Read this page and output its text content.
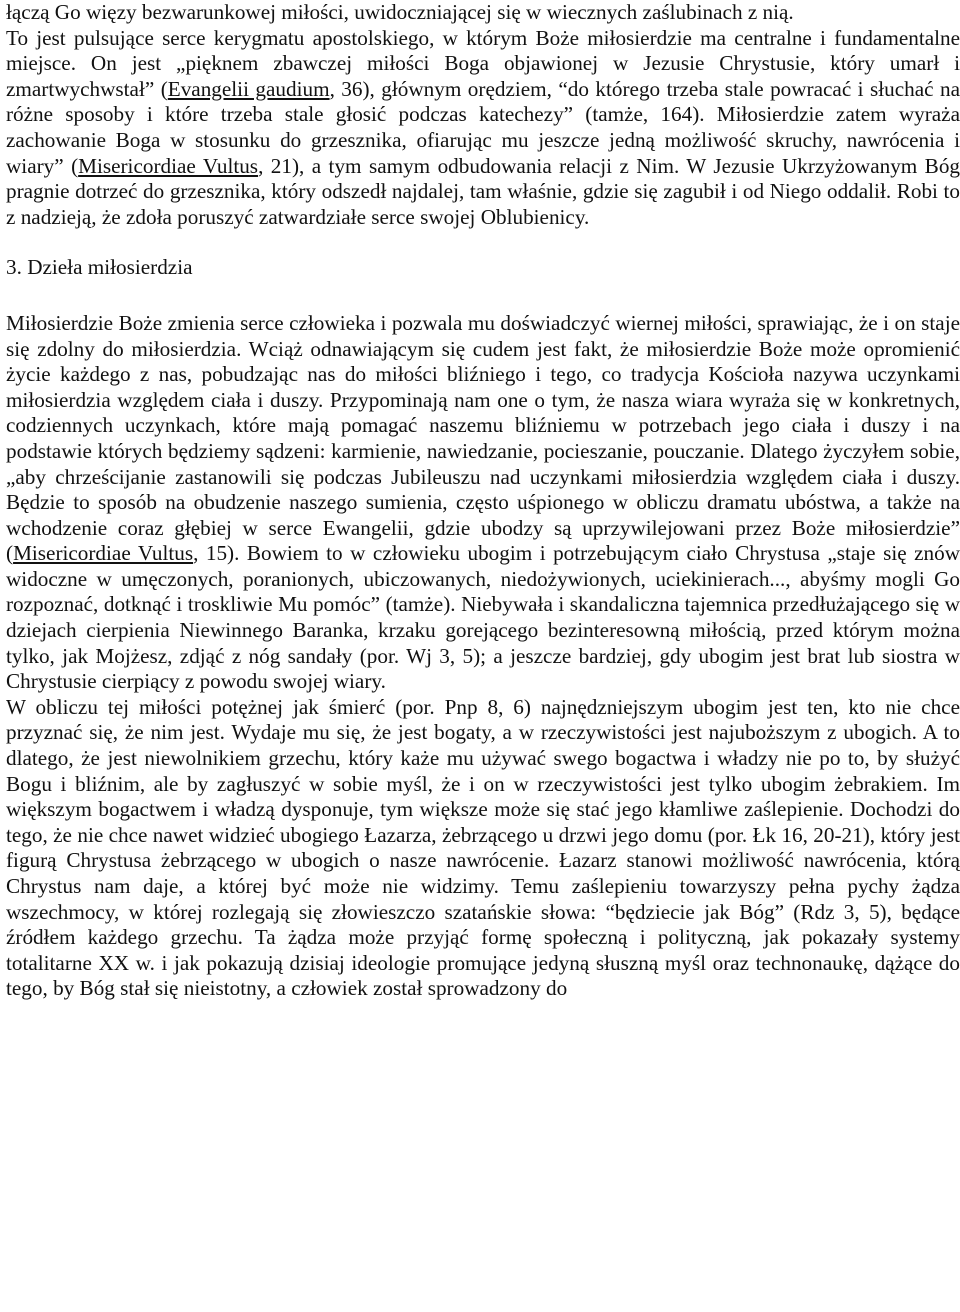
łączą Go więzy bezwarunkowej miłości, uwidoczniającej się w wiecznych zaślubinach z nią.
To jest pulsujące serce kerygmatu apostolskiego, w którym Boże miłosierdzie ma centralne i fundamentalne miejsce. On jest „pięknem zbawczej miłości Boga objawionej w Jezusie Chrystusie, który umarł i zmartwychwstał” (Evangelii gaudium, 36), głównym orędziem, “do którego trzeba stale powracać i słuchać na różne sposoby i które trzeba stale głosić podczas katechezy” (tamże, 164). Miłosierdzie zatem wyraża zachowanie Boga w stosunku do grzesznika, ofiarując mu jeszcze jedną możliwość skruchy, nawrócenia i wiary” (Misericordiae Vultus, 21), a tym samym odbudowania relacji z Nim. W Jezusie Ukrzyżowanym Bóg pragnie dotrzeć do grzesznika, który odszedł najdalej, tam właśnie, gdzie się zagubił i od Niego oddalił. Robi to z nadzieją, że zdoła poruszyć zatwardziałe serce swojej Oblubienicy.

3. Dzieła miłosierdzia

Miłosierdzie Boże zmienia serce człowieka i pozwala mu doświadczyć wiernej miłości, sprawiając, że i on staje się zdolny do miłosierdzia. Wciąż odnawiającym się cudem jest fakt, że miłosierdzie Boże może opromienić życie każdego z nas, pobudzając nas do miłości bliźniego i tego, co tradycja Kościoła nazywa uczynkami miłosierdzia względem ciała i duszy. Przypominają nam one o tym, że nasza wiara wyraża się w konkretnych, codziennych uczynkach, które mają pomagać naszemu bliźniemu w potrzebach jego ciała i duszy i na podstawie których będziemy sądzeni: karmienie, nawiedzanie, pocieszanie, pouczanie. Dlatego życzyłem sobie, „aby chrześcijanie zastanowili się podczas Jubileuszu nad uczynkami miłosierdzia względem ciała i duszy. Będzie to sposób na obudzenie naszego sumienia, często uśpionego w obliczu dramatu ubóstwa, a także na wchodzenie coraz głębiej w serce Ewangelii, gdzie ubodzy są uprzywilejowani przez Boże miłosierdzie” (Misericordiae Vultus, 15). Bowiem to w człowieku ubogim i potrzebującym ciało Chrystusa „staje się znów widoczne w umęczonych, poranionych, ubiczowanych, niedożywionych, uciekinierach..., abyśmy mogli Go rozpoznać, dotknąć i troskliwie Mu pomóc” (tamże). Niebywała i skandaliczna tajemnica przedłużającego się w dziejach cierpienia Niewinnego Baranka, krzaku gorejącego bezinteresowną miłością, przed którym można tylko, jak Mojżesz, zdjąć z nóg sandały (por. Wj 3, 5); a jeszcze bardziej, gdy ubogim jest brat lub siostra w Chrystusie cierpiący z powodu swojej wiary.

W obliczu tej miłości potężnej jak śmierć (por. Pnp 8, 6) najnędzniejszym ubogim jest ten, kto nie chce przyznać się, że nim jest. Wydaje mu się, że jest bogaty, a w rzeczywistości jest najuboższym z ubogich. A to dlatego, że jest niewolnikiem grzechu, który każe mu używać swego bogactwa i władzy nie po to, by służyć Bogu i bliźnim, ale by zagłuszyć w sobie myśl, że i on w rzeczywistości jest tylko ubogim żebrakiem. Im większym bogactwem i władzą dysponuje, tym większe może się stać jego kłamliwe zaślepienie. Dochodzi do tego, że nie chce nawet widzieć ubogiego Łazarza, żebrzącego u drzwi jego domu (por. Łk 16, 20-21), który jest figurą Chrystusa żebrzącego w ubogich o nasze nawrócenie. Łazarz stanowi możliwość nawrócenia, którą Chrystus nam daje, a której być może nie widzimy. Temu zaślepieniu towarzyszy pełna pychy żądza wszechmocy, w której rozlegają się złowieszczo szatańskie słowa: “będziecie jak Bóg” (Rdz 3, 5), będące źródłem każdego grzechu. Ta żądza może przyjąć formę społeczną i polityczną, jak pokazały systemy totalitarne XX w. i jak pokazują dzisiaj ideologie promujące jedyną słuszną myśl oraz technonaukę, dążące do tego, by Bóg stał się nieistotny, a człowiek został sprowadzony do
